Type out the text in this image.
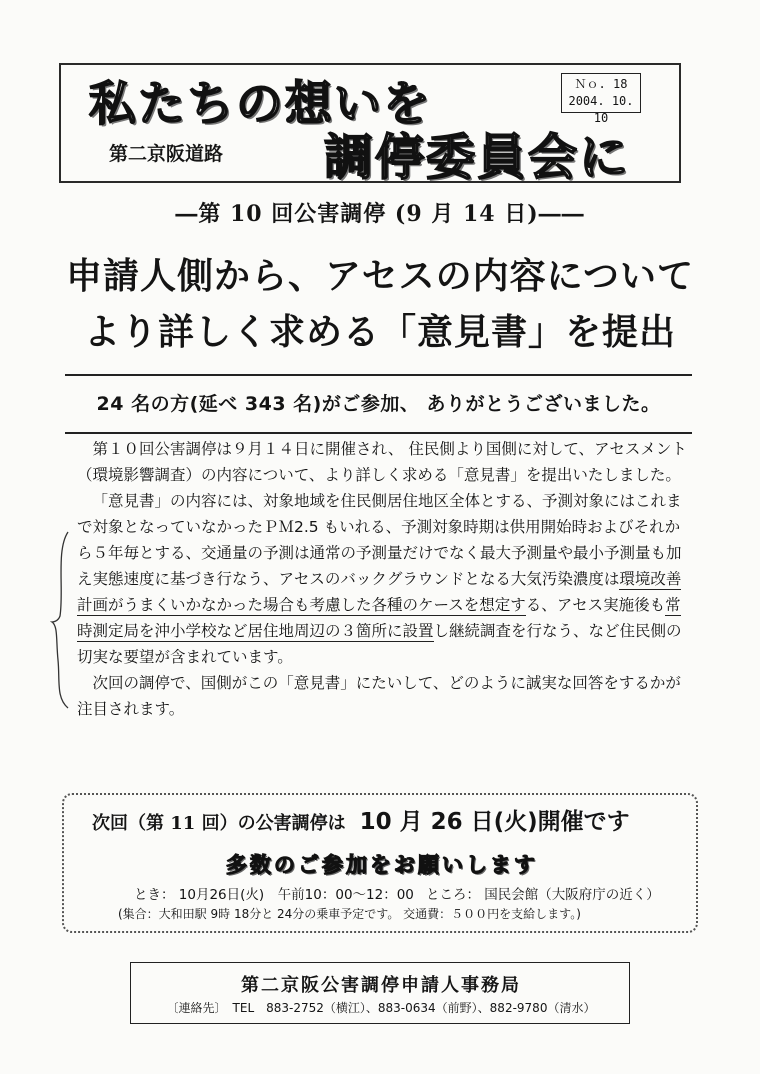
私たちの想いを
調停委員会に
第二京阪道路
Ｎｏ. 18
2004. 10. 10
―第 10 回公害調停 (9 月 14 日)――
申請人側から、アセスの内容について
より詳しく求める「意見書」を提出
24 名の方(延べ 343 名)がご参加、 ありがとうございました。

第１０回公害調停は９月１４日に開催され、 住民側より国側に対して、アセスメント（環境影響調査）の内容について、より詳しく求める「意見書」を提出いたしました。

「意見書」の内容には、対象地域を住民側居住地区全体とする、予測対象にはこれまで対象となっていなかったＰＭ2.5 もいれる、予測対象時期は供用開始時およびそれから５年毎とする、交通量の予測は通常の予測量だけでなく最大予測量や最小予測量も加え実態速度に基づき行なう、アセスのバックグラウンドとなる大気汚染濃度は環境改善計画がうまくいかなかった場合も考慮した各種のケースを想定する、アセス実施後も常時測定局を沖小学校など居住地周辺の３箇所に設置し継続調査を行なう、など住民側の切実な要望が含まれています。

次回の調停で、国側がこの「意見書」にたいして、どのように誠実な回答をするかが注目されます。

次回（第 11 回）の公害調停は 10 月 26 日(火)開催です
多数のご参加をお願いします
とき： 10月26日(火)　午前10：00～12：00 ところ： 国民会館（大阪府庁の近く）
(集合：大和田駅 9時 18分と 24分の乗車予定です。 交通費：５００円を支給します。)
第二京阪公害調停申請人事務局
〔連絡先〕　TEL　883-2752（横江）、883-0634（前野）、882-9780（清水）
